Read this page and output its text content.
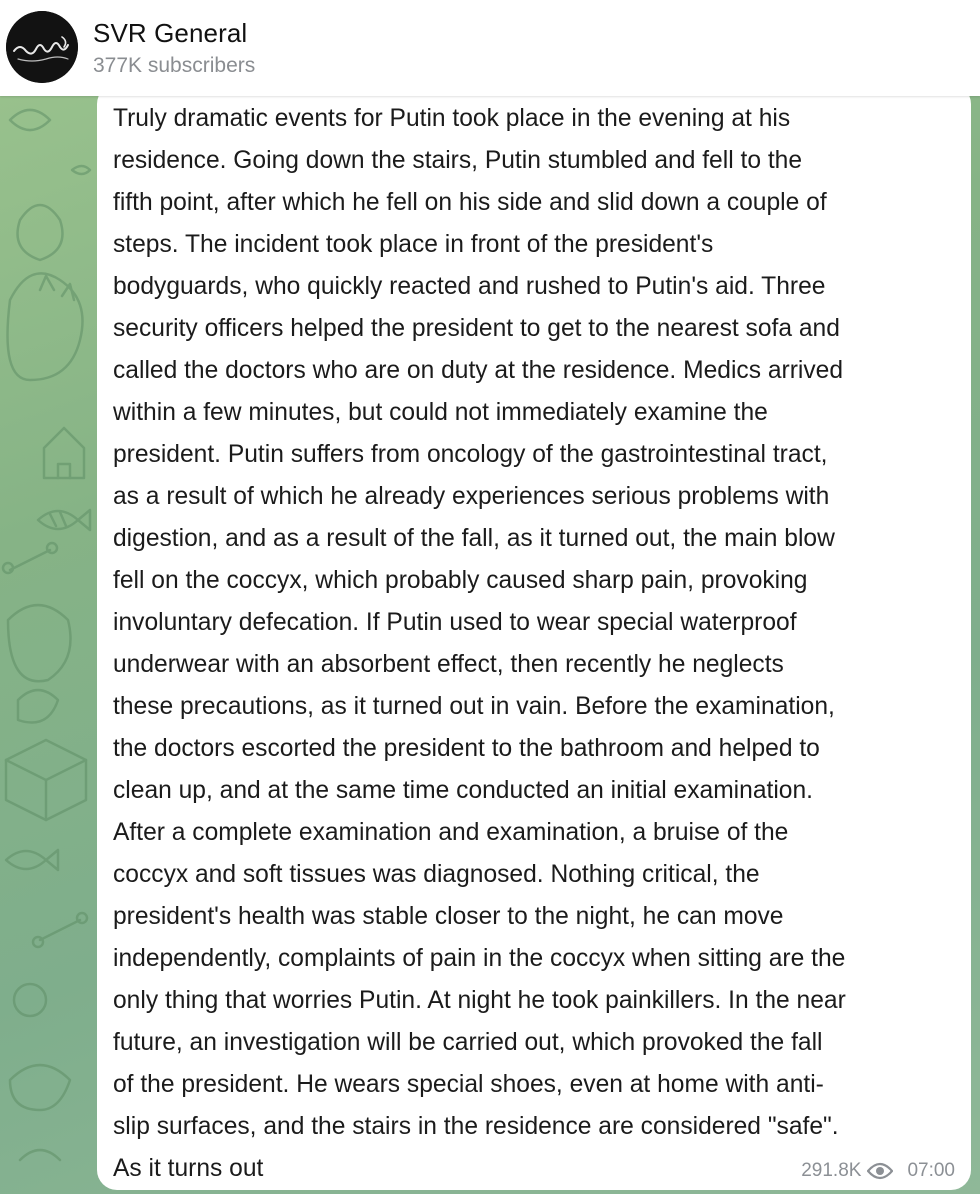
SVR General
377K subscribers

Truly dramatic events for Putin took place in the evening at his
residence. Going down the stairs, Putin stumbled and fell to the
fifth point, after which he fell on his side and slid down a couple of
steps. The incident took place in front of the president's
bodyguards, who quickly reacted and rushed to Putin's aid. Three
security officers helped the president to get to the nearest sofa and
called the doctors who are on duty at the residence. Medics arrived
within a few minutes, but could not immediately examine the
president. Putin suffers from oncology of the gastrointestinal tract,
as a result of which he already experiences serious problems with
digestion, and as a result of the fall, as it turned out, the main blow
fell on the coccyx, which probably caused sharp pain, provoking
involuntary defecation. If Putin used to wear special waterproof
underwear with an absorbent effect, then recently he neglects
these precautions, as it turned out in vain. Before the examination,
the doctors escorted the president to the bathroom and helped to
clean up, and at the same time conducted an initial examination.
After a complete examination and examination, a bruise of the
coccyx and soft tissues was diagnosed. Nothing critical, the
president's health was stable closer to the night, he can move
independently, complaints of pain in the coccyx when sitting are the
only thing that worries Putin. At night he took painkillers. In the near
future, an investigation will be carried out, which provoked the fall
of the president. He wears special shoes, even at home with anti-
slip surfaces, and the stairs in the residence are considered "safe".
As it turns out	291.8K 07:00
